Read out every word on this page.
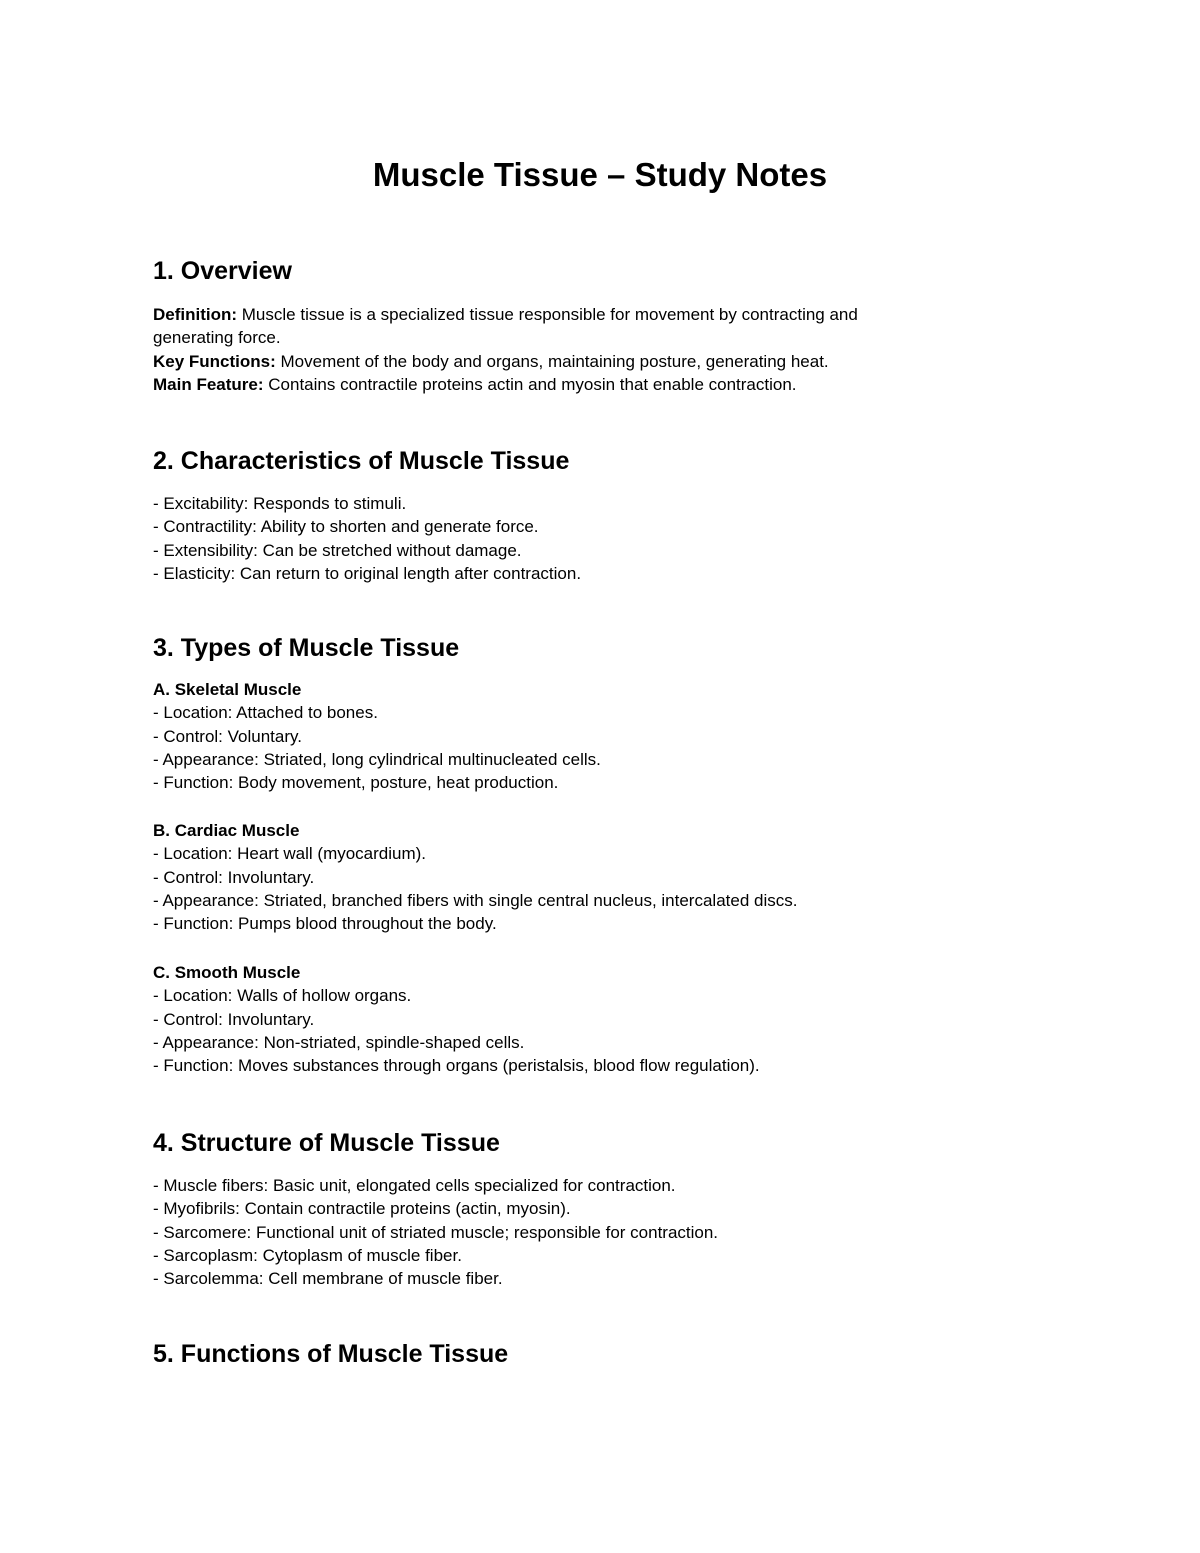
Muscle Tissue – Study Notes
1. Overview
Definition: Muscle tissue is a specialized tissue responsible for movement by contracting and
generating force.
Key Functions: Movement of the body and organs, maintaining posture, generating heat.
Main Feature: Contains contractile proteins actin and myosin that enable contraction.
2. Characteristics of Muscle Tissue
- Excitability: Responds to stimuli.
- Contractility: Ability to shorten and generate force.
- Extensibility: Can be stretched without damage.
- Elasticity: Can return to original length after contraction.
3. Types of Muscle Tissue
A. Skeletal Muscle
- Location: Attached to bones.
- Control: Voluntary.
- Appearance: Striated, long cylindrical multinucleated cells.
- Function: Body movement, posture, heat production.
B. Cardiac Muscle
- Location: Heart wall (myocardium).
- Control: Involuntary.
- Appearance: Striated, branched fibers with single central nucleus, intercalated discs.
- Function: Pumps blood throughout the body.
C. Smooth Muscle
- Location: Walls of hollow organs.
- Control: Involuntary.
- Appearance: Non-striated, spindle-shaped cells.
- Function: Moves substances through organs (peristalsis, blood flow regulation).
4. Structure of Muscle Tissue
- Muscle fibers: Basic unit, elongated cells specialized for contraction.
- Myofibrils: Contain contractile proteins (actin, myosin).
- Sarcomere: Functional unit of striated muscle; responsible for contraction.
- Sarcoplasm: Cytoplasm of muscle fiber.
- Sarcolemma: Cell membrane of muscle fiber.
5. Functions of Muscle Tissue
